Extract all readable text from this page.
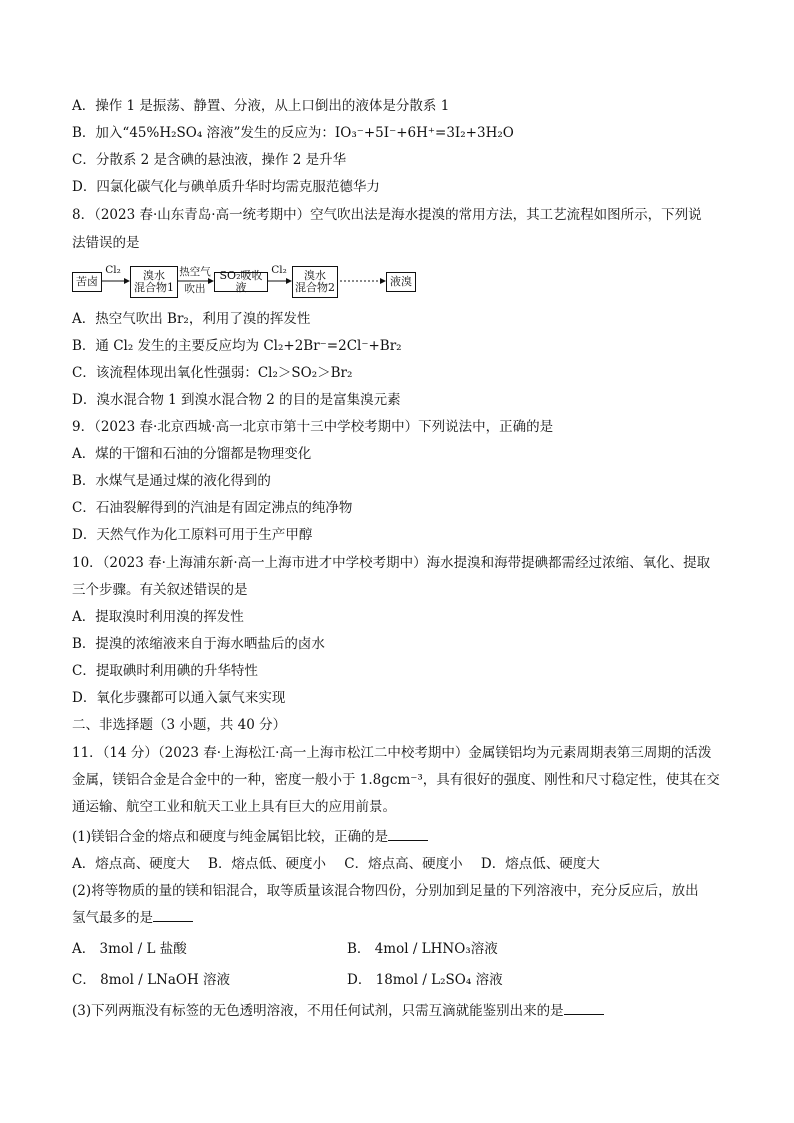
A．操作 1 是振荡、静置、分液，从上口倒出的液体是分散系 1
B．加入“45%H₂SO₄ 溶液”发生的反应为：IO₃⁻+5I⁻+6H⁺=3I₂+3H₂O
C．分散系 2 是含碘的悬浊液，操作 2 是升华
D．四氯化碳气化与碘单质升华时均需克服范德华力
8．（2023 春·山东青岛·高一统考期中）空气吹出法是海水提溴的常用方法，其工艺流程如图所示，下列说
法错误的是
苦卤
Cl₂ 溴水
混合物1
热空气
吹出
SO₂吸收液
Cl₂ 溴水
混合物2	液溴
A．热空气吹出 Br₂，利用了溴的挥发性
B．通 Cl₂ 发生的主要反应均为 Cl₂+2Br⁻=2Cl⁻+Br₂
C．该流程体现出氧化性强弱：Cl₂＞SO₂＞Br₂
D．溴水混合物 1 到溴水混合物 2 的目的是富集溴元素
9．（2023 春·北京西城·高一北京市第十三中学校考期中）下列说法中，正确的是
A．煤的干馏和石油的分馏都是物理变化
B．水煤气是通过煤的液化得到的
C．石油裂解得到的汽油是有固定沸点的纯净物
D．天然气作为化工原料可用于生产甲醇
10．（2023 春·上海浦东新·高一上海市进才中学校考期中）海水提溴和海带提碘都需经过浓缩、氧化、提取
三个步骤。有关叙述错误的是
A．提取溴时利用溴的挥发性
B．提溴的浓缩液来自于海水晒盐后的卤水
C．提取碘时利用碘的升华特性
D．氧化步骤都可以通入氯气来实现
二、非选择题（3 小题，共 40 分）
11．（14 分）（2023 春·上海松江·高一上海市松江二中校考期中）金属镁铝均为元素周期表第三周期的活泼
金属，镁铝合金是合金中的一种，密度一般小于 1.8gcm⁻³，具有很好的强度、刚性和尺寸稳定性，使其在交
通运输、航空工业和航天工业上具有巨大的应用前景。
(1)镁铝合金的熔点和硬度与纯金属铝比较，正确的是
A．熔点高、硬度大 B．熔点低、硬度小 C．熔点高、硬度小 D．熔点低、硬度大
(2)将等物质的量的镁和铝混合，取等质量该混合物四份，分别加到足量的下列溶液中，充分反应后，放出
氢气最多的是
A． 3mol / L 盐酸	B． 4mol / LHNO₃溶液
C． 8mol / LNaOH 溶液	D． 18mol / L₂SO₄ 溶液
(3)下列两瓶没有标签的无色透明溶液，不用任何试剂，只需互滴就能鉴别出来的是
